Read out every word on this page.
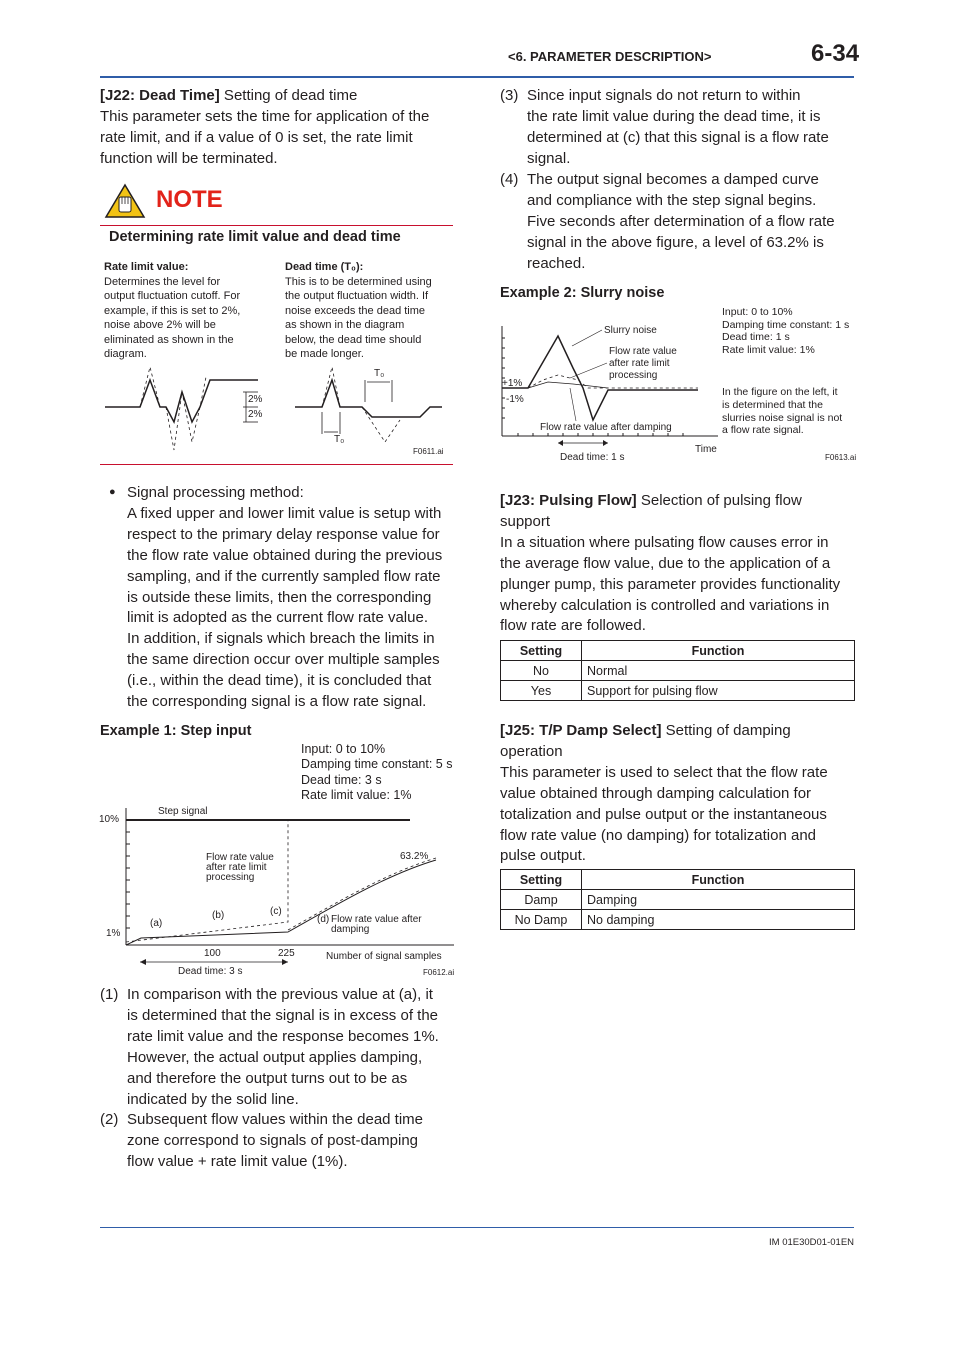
<6. PARAMETER DESCRIPTION>	6-34
[J22: Dead Time] Setting of dead time
This parameter sets the time for application of the
rate limit, and if a value of 0 is set, the rate limit
function will be terminated.
NOTE
Determining rate limit value and dead time
Rate limit value:
Determines the level for
output fluctuation cutoff. For
example, if this is set to 2%,
noise above 2% will be
eliminated as shown in the
diagram.
Dead time (T₀):
This is to be determined using
the output fluctuation width. If
noise exceeds the dead time
as shown in the diagram
below, the dead time should
be made longer.
2%
2%
T₀
T₀
F0611.ai
● Signal processing method:
A fixed upper and lower limit value is setup with
respect to the primary delay response value for
the flow rate value obtained during the previous
sampling, and if the currently sampled flow rate
is outside these limits, then the corresponding
limit is adopted as the current flow rate value.
In addition, if signals which breach the limits in
the same direction occur over multiple samples
(i.e., within the dead time), it is concluded that
the corresponding signal is a flow rate signal.
Example 1: Step input
Input: 0 to 10%
Damping time constant: 5 s
Dead time: 3 s
Rate limit value: 1%
10%
1%
Step signal
Flow rate value
after rate limit
processing
63.2%
(a)
(b)	(c)
(d) Flow rate value after
damping
100	225	Number of signal samples
Dead time: 3 s	F0612.ai
(1) In comparison with the previous value at (a), it
is determined that the signal is in excess of the
rate limit value and the response becomes 1%.
However, the actual output applies damping,
and therefore the output turns out to be as
indicated by the solid line.
(2) Subsequent flow values within the dead time
zone correspond to signals of post-damping
flow value + rate limit value (1%).
(3) Since input signals do not return to within
the rate limit value during the dead time, it is
determined at (c) that this signal is a flow rate
signal.
(4) The output signal becomes a damped curve
and compliance with the step signal begins.
Five seconds after determination of a flow rate
signal in the above figure, a level of 63.2% is
reached.
Example 2: Slurry noise
Input: 0 to 10%
Damping time constant: 1 s
Dead time: 1 s
Rate limit value: 1%
In the figure on the left, it
is determined that the
slurries noise signal is not
a flow rate signal.
+1%
-1%
Slurry noise
Flow rate value
after rate limit
processing
Flow rate value after damping
Time
Dead time: 1 s	F0613.ai
[J23: Pulsing Flow] Selection of pulsing flow
support
In a situation where pulsating flow causes error in
the average flow value, due to the application of a
plunger pump, this parameter provides functionality
whereby calculation is controlled and variations in
flow rate are followed.
Setting	Function
No	Normal
Yes	Support for pulsing flow
[J25: T/P Damp Select] Setting of damping
operation
This parameter is used to select that the flow rate
value obtained through damping calculation for
totalization and pulse output or the instantaneous
flow rate value (no damping) for totalization and
pulse output.
Setting	Function
Damp	Damping
No Damp	No damping
IM 01E30D01-01EN
